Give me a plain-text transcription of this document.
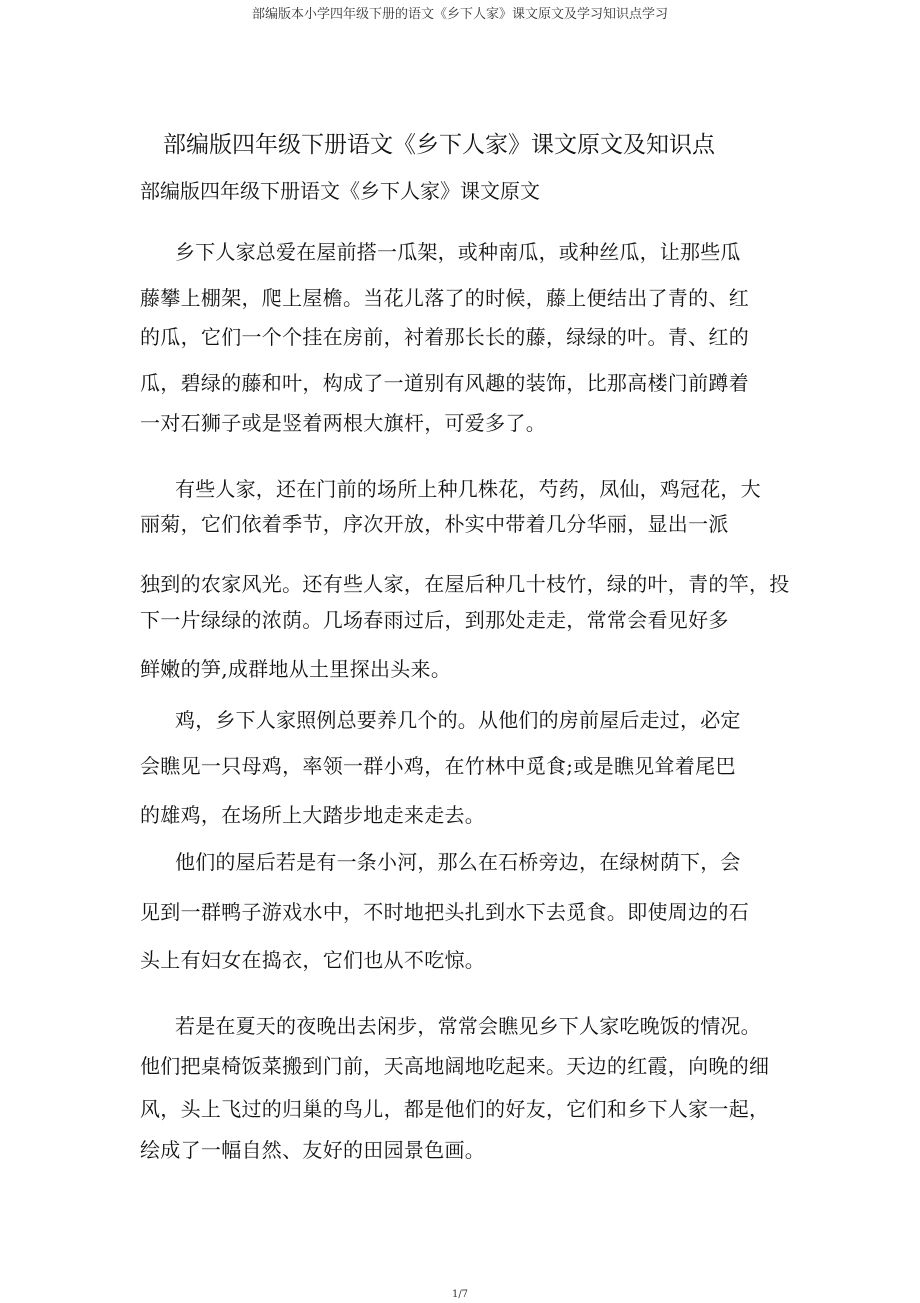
部编版本小学四年级下册的语文《乡下人家》课文原文及学习知识点学习
部编版四年级下册语文《乡下人家》课文原文及知识点
部编版四年级下册语文《乡下人家》课文原文
乡下人家总爱在屋前搭一瓜架，或种南瓜，或种丝瓜，让那些瓜
藤攀上棚架，爬上屋檐。当花儿落了的时候，藤上便结出了青的、红
的瓜，它们一个个挂在房前，衬着那长长的藤，绿绿的叶。青、红的
瓜，碧绿的藤和叶，构成了一道别有风趣的装饰，比那高楼门前蹲着
一对石狮子或是竖着两根大旗杆，可爱多了。
有些人家，还在门前的场所上种几株花，芍药，凤仙，鸡冠花，大
丽菊，它们依着季节，序次开放，朴实中带着几分华丽，显出一派
独到的农家风光。还有些人家，在屋后种几十枝竹，绿的叶，青的竿，投
下一片绿绿的浓荫。几场春雨过后，到那处走走，常常会看见好多
鲜嫩的笋,成群地从土里探出头来。
鸡，乡下人家照例总要养几个的。从他们的房前屋后走过，必定
会瞧见一只母鸡，率领一群小鸡，在竹林中觅食;或是瞧见耸着尾巴
的雄鸡，在场所上大踏步地走来走去。
他们的屋后若是有一条小河，那么在石桥旁边，在绿树荫下，会
见到一群鸭子游戏水中，不时地把头扎到水下去觅食。即使周边的石
头上有妇女在捣衣，它们也从不吃惊。
若是在夏天的夜晚出去闲步，常常会瞧见乡下人家吃晚饭的情况。
他们把桌椅饭菜搬到门前，天高地阔地吃起来。天边的红霞，向晚的细
风，头上飞过的归巢的鸟儿，都是他们的好友，它们和乡下人家一起，
绘成了一幅自然、友好的田园景色画。
1/7
